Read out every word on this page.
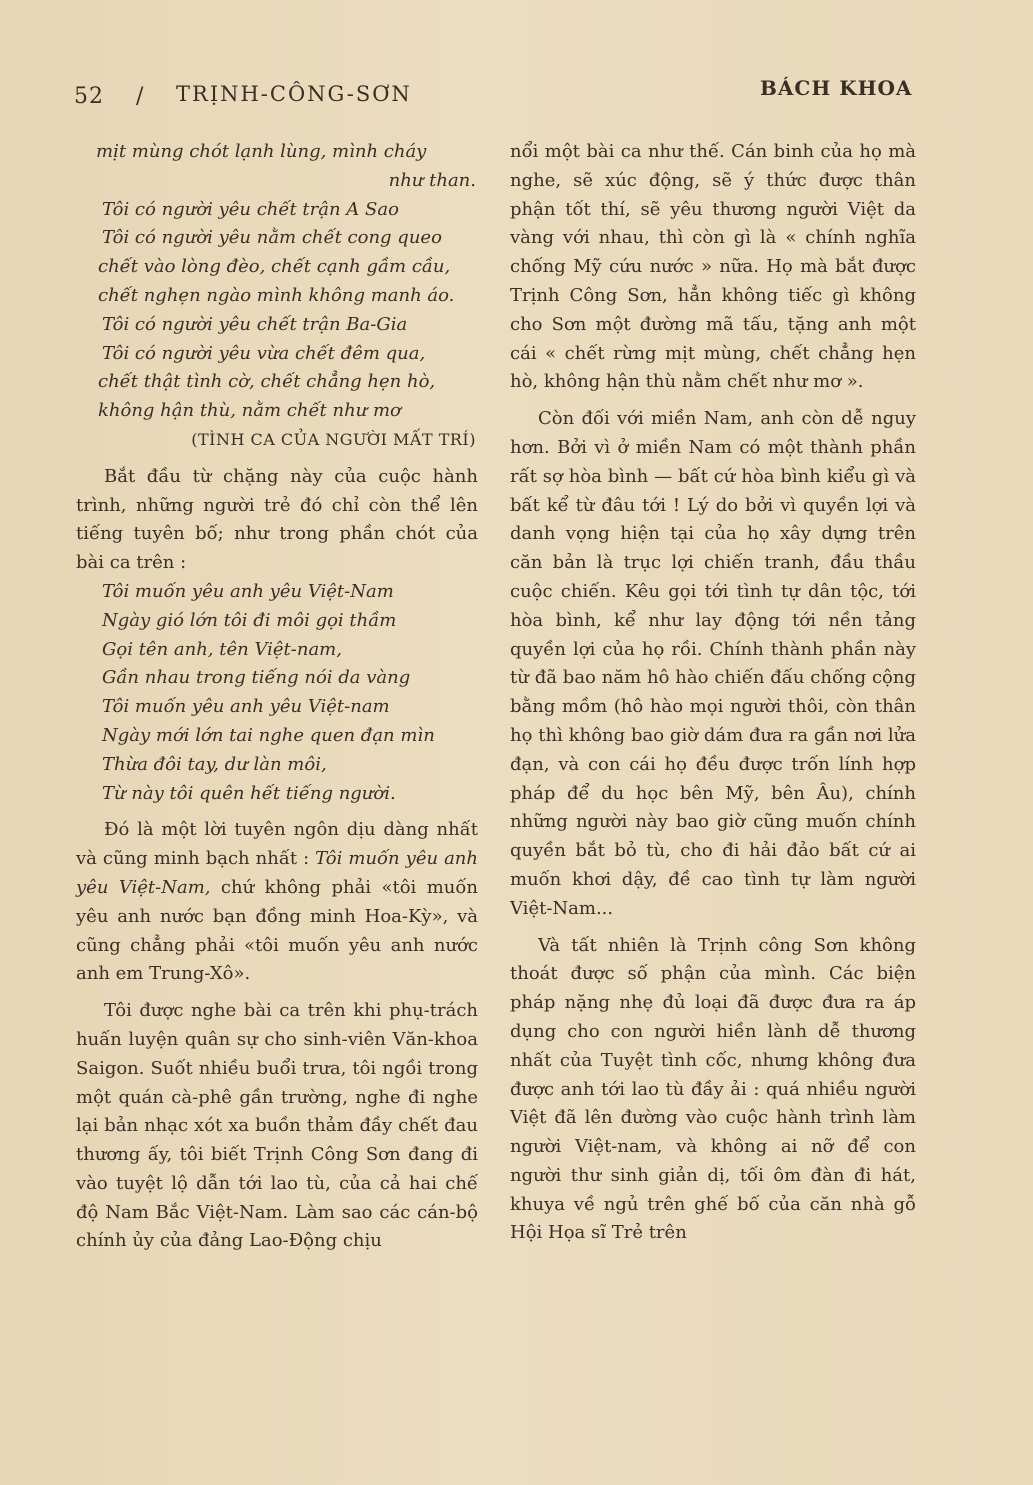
52 / TRỊNH-CÔNG-SƠN	BÁCH KHOA
mịt mùng chót lạnh lùng, mình cháy
như than.
Tôi có người yêu chết trận A Sao
Tôi có người yêu nằm chết cong queo
chết vào lòng đèo, chết cạnh gầm cầu,
chết nghẹn ngào mình không manh áo.
Tôi có người yêu chết trận Ba-Gia
Tôi có người yêu vừa chết đêm qua,
chết thật tình cờ, chết chẳng hẹn hò,
không hận thù, nằm chết như mơ
(TÌNH CA CỦA NGƯỜI MẤT TRÍ)

Bắt đầu từ chặng này của cuộc hành trình, những người trẻ đó chỉ còn thể lên tiếng tuyên bố; như trong phần chót của bài ca trên :

Tôi muốn yêu anh yêu Việt-Nam
Ngày gió lớn tôi đi môi gọi thầm
Gọi tên anh, tên Việt-nam,
Gần nhau trong tiếng nói da vàng
Tôi muốn yêu anh yêu Việt-nam
Ngày mới lớn tai nghe quen đạn mìn
Thừa đôi tay, dư làn môi,
Từ này tôi quên hết tiếng người.

Đó là một lời tuyên ngôn dịu dàng nhất và cũng minh bạch nhất : Tôi muốn yêu anh yêu Việt-Nam, chứ không phải «tôi muốn yêu anh nước bạn đồng minh Hoa-Kỳ», và cũng chẳng phải «tôi muốn yêu anh nước anh em Trung-Xô».

Tôi được nghe bài ca trên khi phụ-trách huấn luyện quân sự cho sinh-viên Văn-khoa Saigon. Suốt nhiều buổi trưa, tôi ngồi trong một quán cà-phê gần trường, nghe đi nghe lại bản nhạc xót xa buồn thảm đầy chết đau thương ấy, tôi biết Trịnh Công Sơn đang đi vào tuyệt lộ dẫn tới lao tù, của cả hai chế độ Nam Bắc Việt-Nam. Làm sao các cán-bộ chính ủy của đảng Lao-Động chịu

nổi một bài ca như thế. Cán binh của họ mà nghe, sẽ xúc động, sẽ ý thức được thân phận tốt thí, sẽ yêu thương người Việt da vàng với nhau, thì còn gì là « chính nghĩa chống Mỹ cứu nước » nữa. Họ mà bắt được Trịnh Công Sơn, hẳn không tiếc gì không cho Sơn một đường mã tấu, tặng anh một cái « chết rừng mịt mùng, chết chẳng hẹn hò, không hận thù nằm chết như mơ ».

Còn đối với miền Nam, anh còn dễ nguy hơn. Bởi vì ở miền Nam có một thành phần rất sợ hòa bình — bất cứ hòa bình kiểu gì và bất kể từ đâu tới ! Lý do bởi vì quyền lợi và danh vọng hiện tại của họ xây dựng trên căn bản là trục lợi chiến tranh, đầu thầu cuộc chiến. Kêu gọi tới tình tự dân tộc, tới hòa bình, kể như lay động tới nền tảng quyền lợi của họ rồi. Chính thành phần này từ đã bao năm hô hào chiến đấu chống cộng bằng mồm (hô hào mọi người thôi, còn thân họ thì không bao giờ dám đưa ra gần nơi lửa đạn, và con cái họ đều được trốn lính hợp pháp để du học bên Mỹ, bên Âu), chính những người này bao giờ cũng muốn chính quyền bắt bỏ tù, cho đi hải đảo bất cứ ai muốn khơi dậy, đề cao tình tự làm người Việt-Nam...

Và tất nhiên là Trịnh công Sơn không thoát được số phận của mình. Các biện pháp nặng nhẹ đủ loại đã được đưa ra áp dụng cho con người hiền lành dễ thương nhất của Tuyệt tình cốc, nhưng không đưa được anh tới lao tù đầy ải : quá nhiều người Việt đã lên đường vào cuộc hành trình làm người Việt-nam, và không ai nỡ để con người thư sinh giản dị, tối ôm đàn đi hát, khuya về ngủ trên ghế bố của căn nhà gỗ Hội Họa sĩ Trẻ trên
